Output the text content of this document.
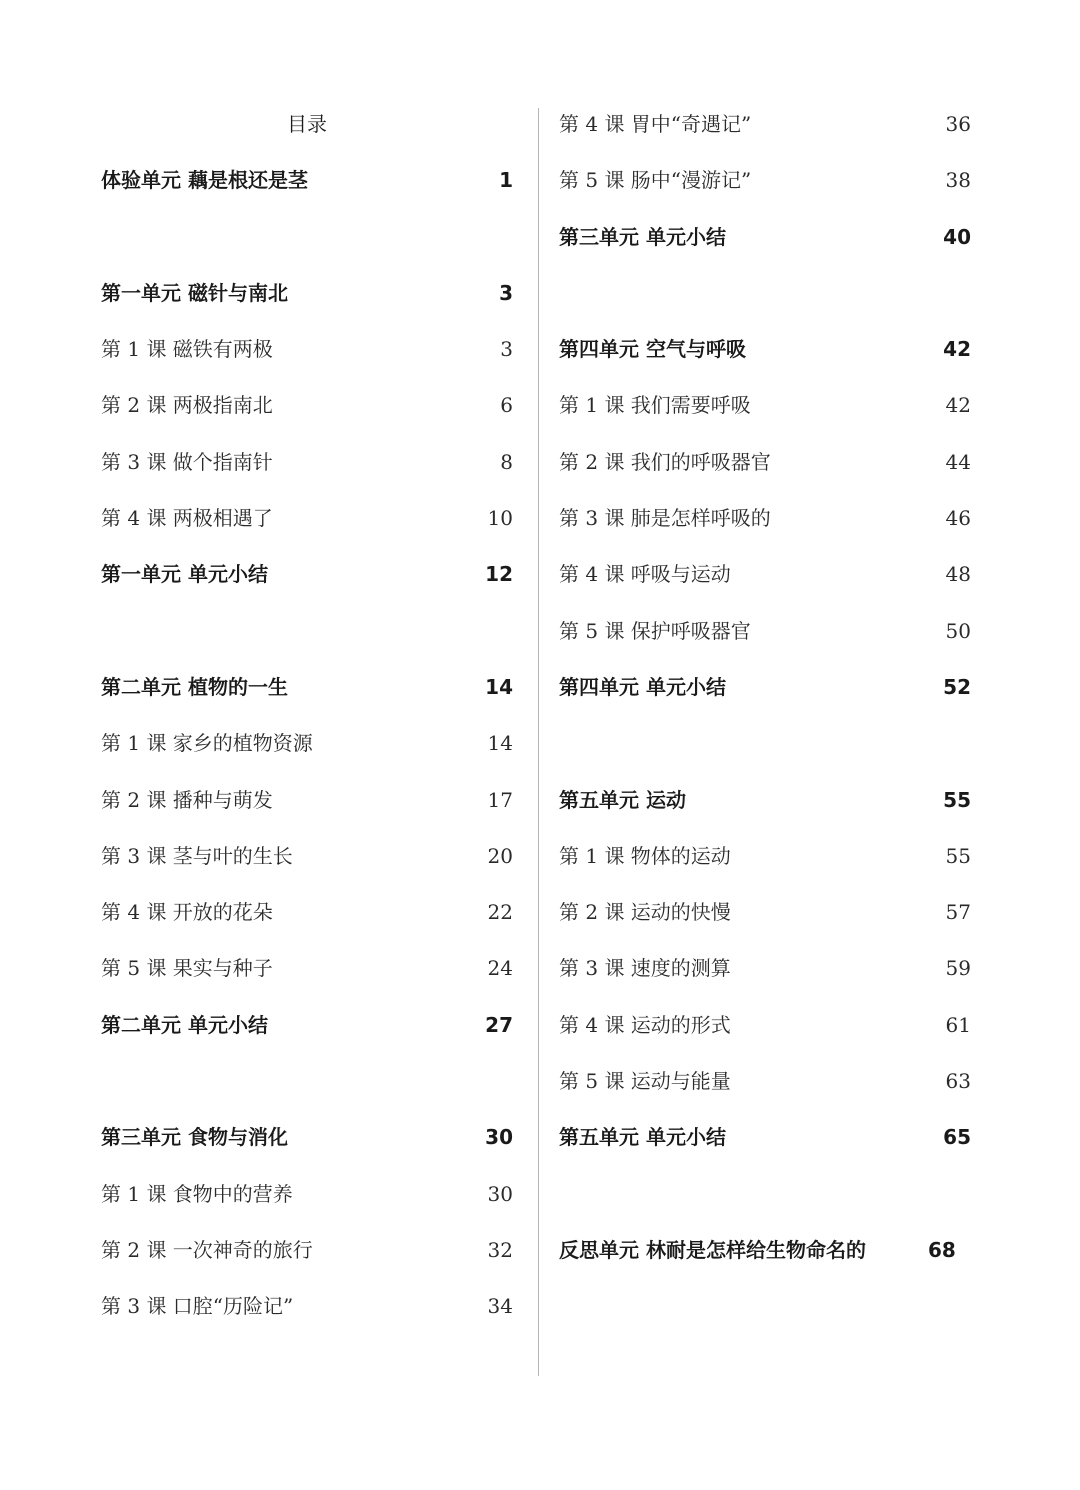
目录
体验单元 藕是根还是茎	1
第一单元 磁针与南北	3
第 1 课 磁铁有两极	3
第 2 课 两极指南北	6
第 3 课 做个指南针	8
第 4 课 两极相遇了	10
第一单元 单元小结	12
第二单元 植物的一生	14
第 1 课 家乡的植物资源	14
第 2 课 播种与萌发	17
第 3 课 茎与叶的生长	20
第 4 课 开放的花朵	22
第 5 课 果实与种子	24
第二单元 单元小结	27
第三单元 食物与消化	30
第 1 课 食物中的营养	30
第 2 课 一次神奇的旅行	32
第 3 课 口腔“历险记”	34
第 4 课 胃中“奇遇记”	36
第 5 课 肠中“漫游记”	38
第三单元 单元小结	40
第四单元 空气与呼吸	42
第 1 课 我们需要呼吸	42
第 2 课 我们的呼吸器官	44
第 3 课 肺是怎样呼吸的	46
第 4 课 呼吸与运动	48
第 5 课 保护呼吸器官	50
第四单元 单元小结	52
第五单元 运动	55
第 1 课 物体的运动	55
第 2 课 运动的快慢	57
第 3 课 速度的测算	59
第 4 课 运动的形式	61
第 5 课 运动与能量	63
第五单元 单元小结	65
反思单元 林耐是怎样给生物命名的	68
